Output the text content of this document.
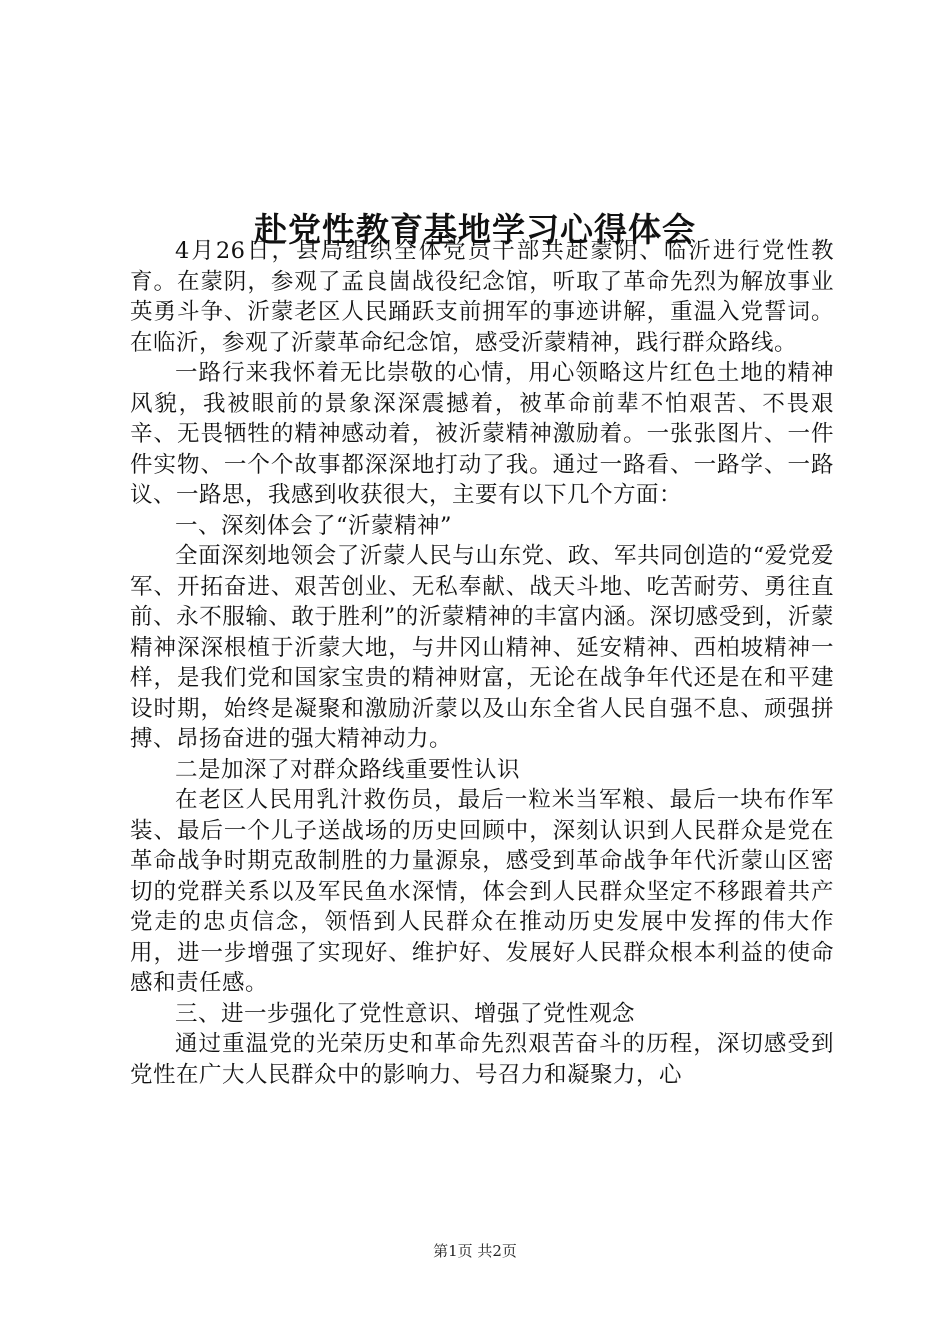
赴党性教育基地学习心得体会

4月26日，县局组织全体党员干部共赴蒙阴、临沂进行党性教育。在蒙阴，参观了孟良崮战役纪念馆，听取了革命先烈为解放事业英勇斗争、沂蒙老区人民踊跃支前拥军的事迹讲解，重温入党誓词。在临沂，参观了沂蒙革命纪念馆，感受沂蒙精神，践行群众路线。

一路行来我怀着无比崇敬的心情，用心领略这片红色土地的精神风貌，我被眼前的景象深深震撼着，被革命前辈不怕艰苦、不畏艰辛、无畏牺牲的精神感动着，被沂蒙精神激励着。一张张图片、一件件实物、一个个故事都深深地打动了我。通过一路看、一路学、一路议、一路思，我感到收获很大，主要有以下几个方面：

一、深刻体会了“沂蒙精神”

全面深刻地领会了沂蒙人民与山东党、政、军共同创造的“爱党爱军、开拓奋进、艰苦创业、无私奉献、战天斗地、吃苦耐劳、勇往直前、永不服输、敢于胜利”的沂蒙精神的丰富内涵。深切感受到，沂蒙精神深深根植于沂蒙大地，与井冈山精神、延安精神、西柏坡精神一样，是我们党和国家宝贵的精神财富，无论在战争年代还是在和平建设时期，始终是凝聚和激励沂蒙以及山东全省人民自强不息、顽强拼搏、昂扬奋进的强大精神动力。

二是加深了对群众路线重要性认识

在老区人民用乳汁救伤员，最后一粒米当军粮、最后一块布作军装、最后一个儿子送战场的历史回顾中，深刻认识到人民群众是党在革命战争时期克敌制胜的力量源泉，感受到革命战争年代沂蒙山区密切的党群关系以及军民鱼水深情，体会到人民群众坚定不移跟着共产党走的忠贞信念，领悟到人民群众在推动历史发展中发挥的伟大作用，进一步增强了实现好、维护好、发展好人民群众根本利益的使命感和责任感。

三、进一步强化了党性意识、增强了党性观念

通过重温党的光荣历史和革命先烈艰苦奋斗的历程，深切感受到党性在广大人民群众中的影响力、号召力和凝聚力，心

第1页 共2页
